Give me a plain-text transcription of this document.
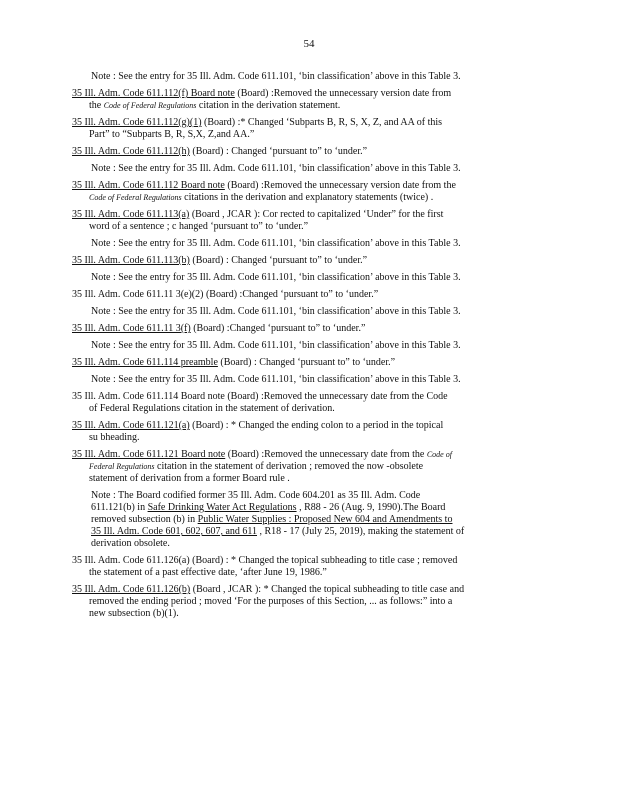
54

Note : See the entry for 35 Ill. Adm. Code 611.101, ‘bin classification’ above in this Table 3.

35 Ill. Adm. Code 611.112(f) Board note (Board) :Removed the unnecessary version date from
the Code of Federal Regulations citation in the derivation statement.
35 Ill. Adm. Code 611.112(g)(1) (Board) :* Changed ‘Subparts B, R, S, X, Z, and AA of this
Part” to “Subparts B, R, S,X, Z,and AA.”
35 Ill. Adm. Code 611.112(h) (Board) : Changed ‘pursuant to” to ‘under.”

Note : See the entry for 35 Ill. Adm. Code 611.101, ‘bin classification’ above in this Table 3.

35 Ill. Adm. Code 611.112 Board note (Board) :Removed the unnecessary version date from the
Code of Federal Regulations citations in the derivation and explanatory statements (twice) .
35 Ill. Adm. Code 611.113(a) (Board , JCAR ): Cor rected to capitalized ‘Under” for the first
word of a sentence ; c hanged ‘pursuant to” to ‘under.”

Note : See the entry for 35 Ill. Adm. Code 611.101, ‘bin classification’ above in this Table 3.

35 Ill. Adm. Code 611.113(b) (Board) : Changed ‘pursuant to” to ‘under.”

Note : See the entry for 35 Ill. Adm. Code 611.101, ‘bin classification’ above in this Table 3.

35 Ill. Adm. Code 611.11 3(e)(2) (Board) :Changed ‘pursuant to” to ‘under.”

Note : See the entry for 35 Ill. Adm. Code 611.101, ‘bin classification’ above in this Table 3.

35 Ill. Adm. Code 611.11 3(f) (Board) :Changed ‘pursuant to” to ‘under.”

Note : See the entry for 35 Ill. Adm. Code 611.101, ‘bin classification’ above in this Table 3.

35 Ill. Adm. Code 611.114 preamble (Board) : Changed ‘pursuant to” to ‘under.”

Note : See the entry for 35 Ill. Adm. Code 611.101, ‘bin classification’ above in this Table 3.

35 Ill. Adm. Code 611.114 Board note (Board) :Removed the unnecessary date from the Code
of Federal Regulations citation in the statement of derivation.
35 Ill. Adm. Code 611.121(a) (Board) : * Changed the ending colon to a period in the topical
su bheading.
35 Ill. Adm. Code 611.121 Board note (Board) :Removed the unnecessary date from the Code of
Federal Regulations citation in the statement of derivation ; removed the now -obsolete
statement of derivation from a former Board rule .
Note : The Board codified former 35 Ill. Adm. Code 604.201 as 35 Ill. Adm. Code
611.121(b) in Safe Drinking Water Act Regulations , R88 - 26 (Aug. 9, 1990).The Board
removed subsection (b) in Public Water Supplies : Proposed New 604 and Amendments to
35 Ill. Adm. Code 601, 602, 607, and 611 , R18 - 17 (July 25, 2019), making the statement of
derivation obsolete.
35 Ill. Adm. Code 611.126(a) (Board) : * Changed the topical subheading to title case ; removed
the statement of a past effective date, ‘after June 19, 1986.”
35 Ill. Adm. Code 611.126(b) (Board , JCAR ): * Changed the topical subheading to title case and
removed the ending period ; moved ‘For the purposes of this Section, ... as follows:” into a
new subsection (b)(1).
